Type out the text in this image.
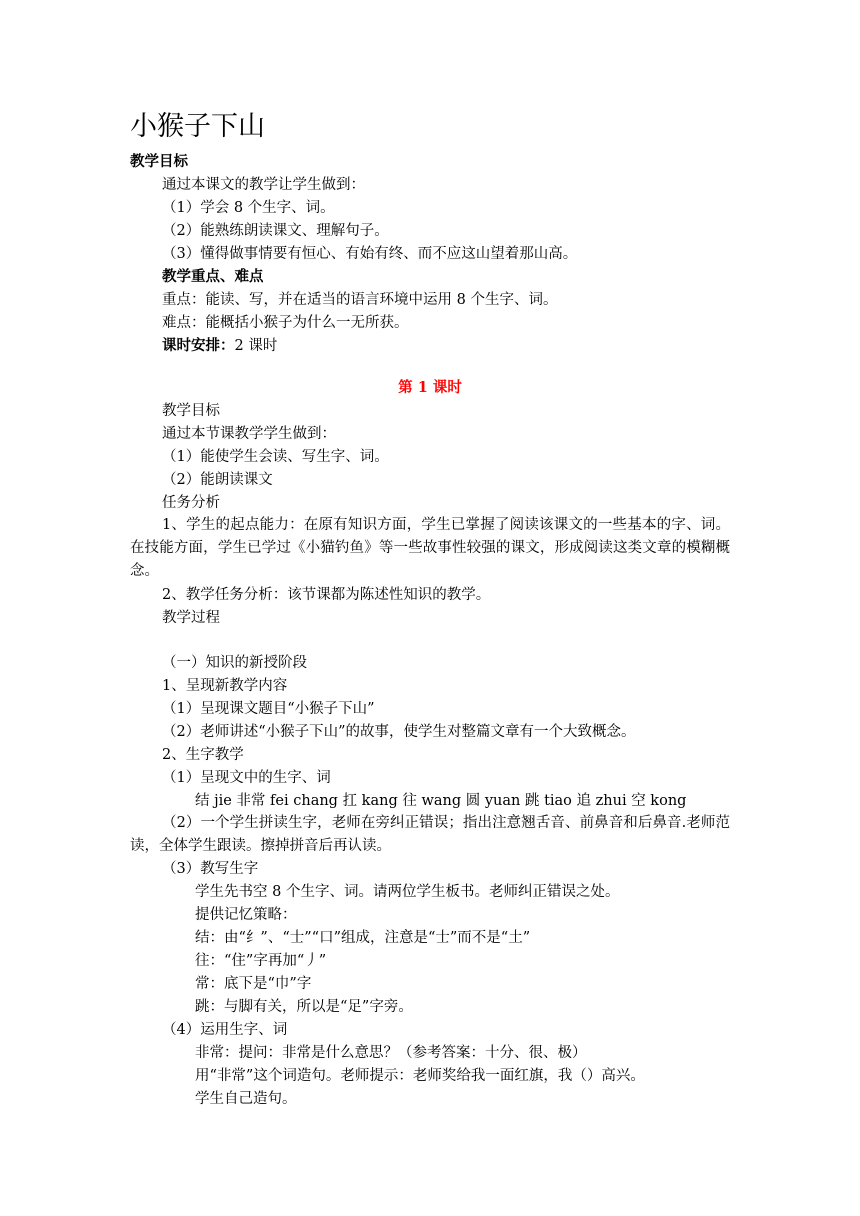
小猴子下山
教学目标
通过本课文的教学让学生做到：
（1）学会 8 个生字、词。
（2）能熟练朗读课文、理解句子。
（3）懂得做事情要有恒心、有始有终、而不应这山望着那山高。
教学重点、难点
重点：能读、写，并在适当的语言环境中运用 8 个生字、词。
难点：能概括小猴子为什么一无所获。
课时安排：2 课时
第 1 课时
教学目标
通过本节课教学学生做到：
（1）能使学生会读、写生字、词。
（2）能朗读课文
任务分析
1、学生的起点能力：在原有知识方面，学生已掌握了阅读该课文的一些基本的字、词。在技能方面，学生已学过《小猫钓鱼》等一些故事性较强的课文，形成阅读这类文章的模糊概念。
2、教学任务分析：该节课都为陈述性知识的教学。
教学过程
（一）知识的新授阶段
1、呈现新教学内容
（1）呈现课文题目“小猴子下山”
（2）老师讲述“小猴子下山”的故事，使学生对整篇文章有一个大致概念。
2、生字教学
（1）呈现文中的生字、词
结 jie 非常 fei chang 扛 kang 往 wang 圆 yuan 跳 tiao 追 zhui 空 kong
（2）一个学生拼读生字，老师在旁纠正错误；指出注意翘舌音、前鼻音和后鼻音.老师范读，全体学生跟读。擦掉拼音后再认读。
（3）教写生字
学生先书空 8 个生字、词。请两位学生板书。老师纠正错误之处。
提供记忆策略：
结：由“纟”、“士”“口”组成，注意是“士”而不是“土”
往：“住”字再加“丿”
常：底下是“巾”字
跳：与脚有关，所以是“足”字旁。
（4）运用生字、词
非常：提问：非常是什么意思？（参考答案：十分、很、极）
用“非常”这个词造句。老师提示：老师奖给我一面红旗，我（）高兴。
学生自己造句。
